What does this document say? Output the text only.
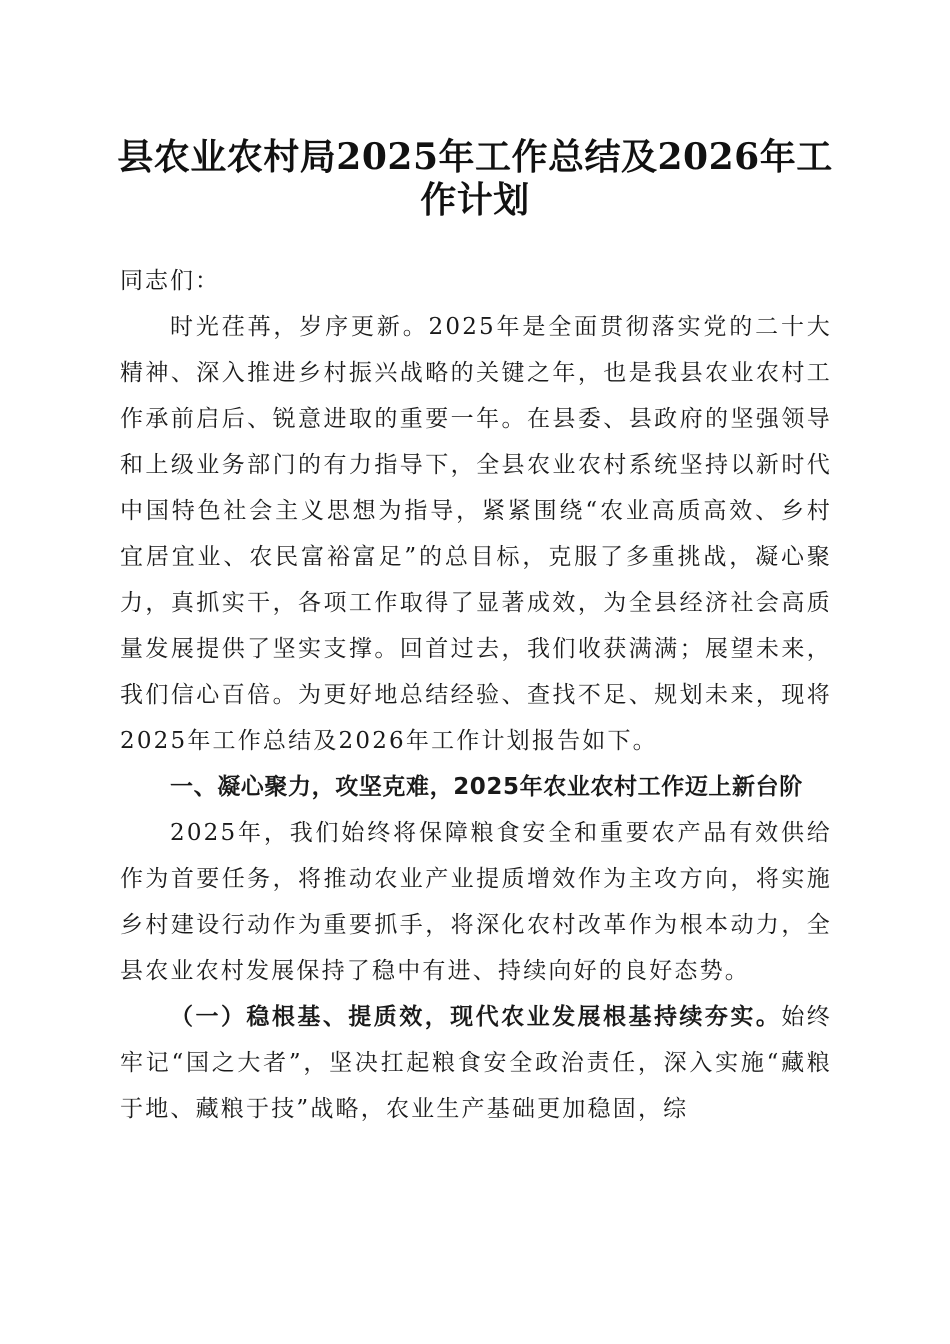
县农业农村局2025年工作总结及2026年工作计划

同志们：

时光荏苒，岁序更新。2025年是全面贯彻落实党的二十大精神、深入推进乡村振兴战略的关键之年，也是我县农业农村工作承前启后、锐意进取的重要一年。在县委、县政府的坚强领导和上级业务部门的有力指导下，全县农业农村系统坚持以新时代中国特色社会主义思想为指导，紧紧围绕“农业高质高效、乡村宜居宜业、农民富裕富足”的总目标，克服了多重挑战，凝心聚力，真抓实干，各项工作取得了显著成效，为全县经济社会高质量发展提供了坚实支撑。回首过去，我们收获满满；展望未来，我们信心百倍。为更好地总结经验、查找不足、规划未来，现将2025年工作总结及2026年工作计划报告如下。

一、凝心聚力，攻坚克难，2025年农业农村工作迈上新台阶

2025年，我们始终将保障粮食安全和重要农产品有效供给作为首要任务，将推动农业产业提质增效作为主攻方向，将实施乡村建设行动作为重要抓手，将深化农村改革作为根本动力，全县农业农村发展保持了稳中有进、持续向好的良好态势。

（一）稳根基、提质效，现代农业发展根基持续夯实。始终牢记“国之大者”，坚决扛起粮食安全政治责任，深入实施“藏粮于地、藏粮于技”战略，农业生产基础更加稳固，综
